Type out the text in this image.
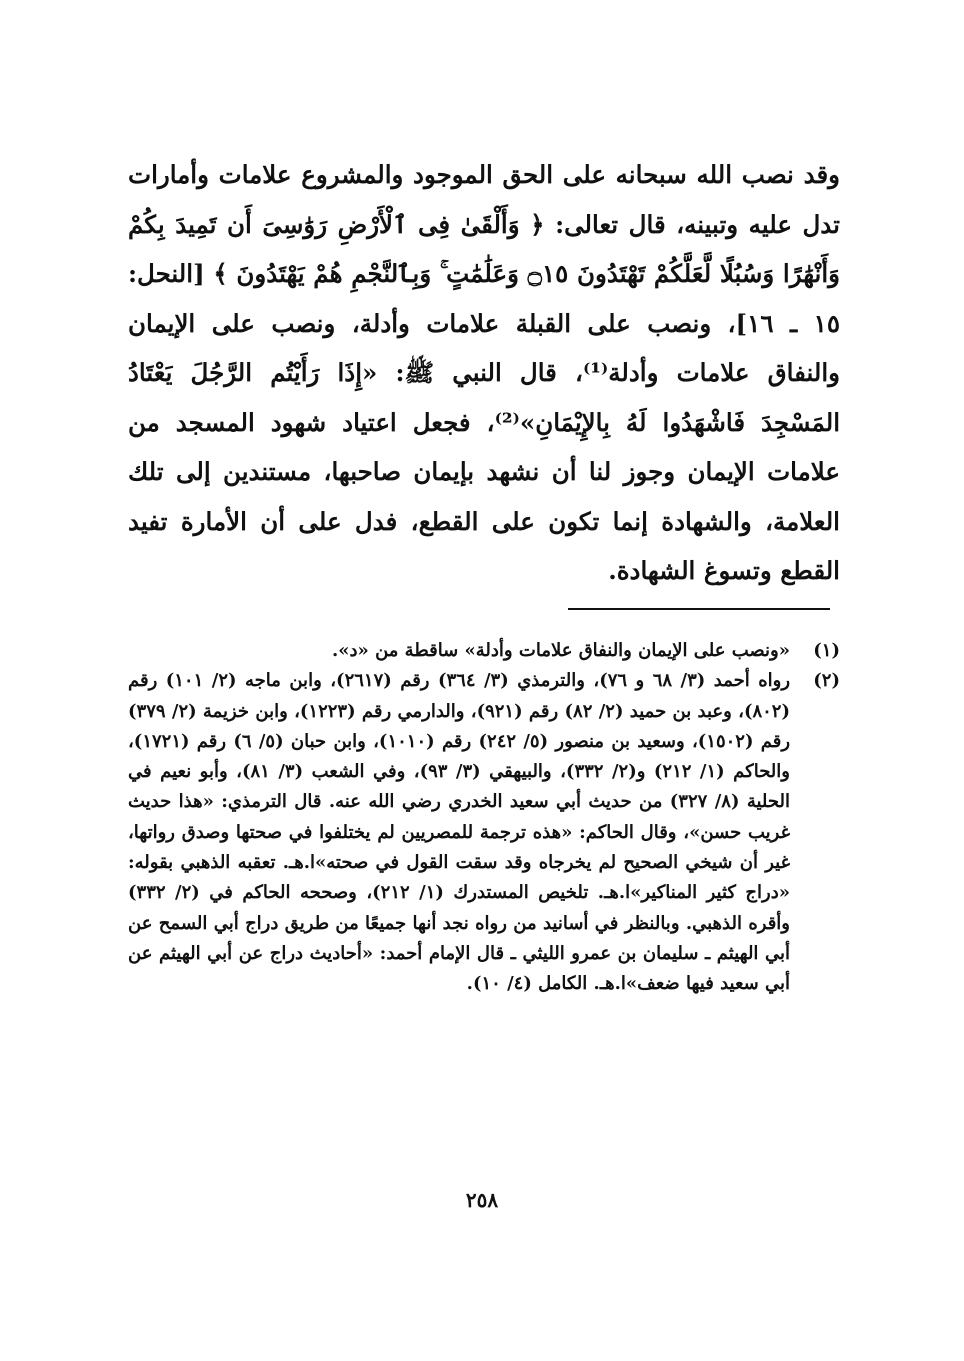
وقد نصب الله سبحانه على الحق الموجود والمشروع علامات وأمارات تدل عليه وتبينه، قال تعالى: ﴿ وَأَلْقَىٰ فِى ٱلْأَرْضِ رَوَٰسِىَ أَن تَمِيدَ بِكُمْ وَأَنْهَٰرًا وَسُبُلًا لَّعَلَّكُمْ تَهْتَدُونَ ۝١٥ وَعَلَٰمَٰتٍ ۚ وَبِٱلنَّجْمِ هُمْ يَهْتَدُونَ ﴾ [النحل: ١٥ ـ ١٦]، ونصب على القبلة علامات وأدلة، ونصب على الإيمان والنفاق علامات وأدلة⁽¹⁾، قال النبي ﷺ: «إِذَا رَأَيْتُم الرَّجُلَ يَعْتَادُ المَسْجِدَ فَاشْهَدُوا لَهُ بِالإِيْمَانِ»⁽²⁾، فجعل اعتياد شهود المسجد من علامات الإيمان وجوز لنا أن نشهد بإيمان صاحبها، مستندين إلى تلك العلامة، والشهادة إنما تكون على القطع، فدل على أن الأمارة تفيد القطع وتسوغ الشهادة.

(١)

«ونصب على الإيمان والنفاق علامات وأدلة» ساقطة من «د».

(٢)

رواه أحمد (٣/ ٦٨ و ٧٦)، والترمذي (٣/ ٣٦٤) رقم (٢٦١٧)، وابن ماجه (٢/ ١٠١) رقم (٨٠٢)، وعبد بن حميد (٢/ ٨٢) رقم (٩٢١)، والدارمي رقم (١٢٢٣)، وابن خزيمة (٢/ ٣٧٩) رقم (١٥٠٢)، وسعيد بن منصور (٥/ ٢٤٢) رقم (١٠١٠)، وابن حبان (٥/ ٦) رقم (١٧٢١)، والحاكم (١/ ٢١٢) و(٢/ ٣٣٢)، والبيهقي (٣/ ٩٣)، وفي الشعب (٣/ ٨١)، وأبو نعيم في الحلية (٨/ ٣٢٧) من حديث أبي سعيد الخدري رضي الله عنه. قال الترمذي: «هذا حديث غريب حسن»، وقال الحاكم: «هذه ترجمة للمصريين لم يختلفوا في صحتها وصدق رواتها، غير أن شيخي الصحيح لم يخرجاه وقد سقت القول في صحته»ا.هـ. تعقبه الذهبي بقوله: «دراج كثير المناكير»ا.هـ. تلخيص المستدرك (١/ ٢١٢)، وصححه الحاكم في (٢/ ٣٣٢) وأقره الذهبي. وبالنظر في أسانيد من رواه نجد أنها جميعًا من طريق دراج أبي السمح عن أبي الهيثم ـ سليمان بن عمرو الليثي ـ قال الإمام أحمد: «أحاديث دراج عن أبي الهيثم عن أبي سعيد فيها ضعف»ا.هـ. الكامل (٤/ ١٠).

٢٥٨
